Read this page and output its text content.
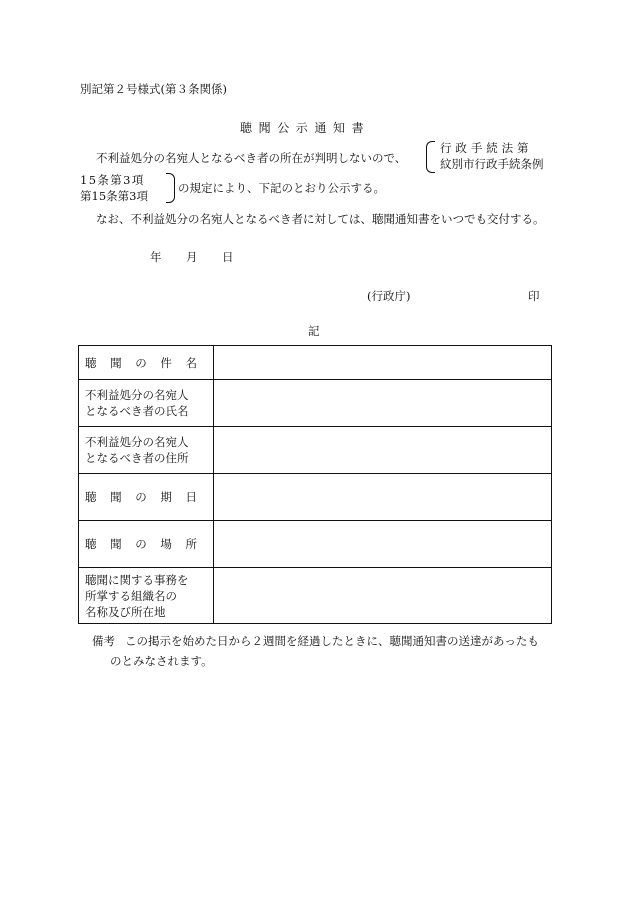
別記第２号様式(第３条関係)
聴聞公示通知書
不利益処分の名宛人となるべき者の所在が判明しないので、
行政手続法第
紋別市行政手続条例
15条第3項
第15条第3項
の規定により、下記のとおり公示する。
なお、不利益処分の名宛人となるべき者に対しては、聴聞通知書をいつでも交付する。
年 月 日
(行政庁)	印
記
聴 聞 の 件 名	

不利益処分の名宛人
となるべき者の氏名	

不利益処分の名宛人
となるべき者の住所	

聴 聞 の 期 日	

聴 聞 の 場 所	

聴聞に関する事務を
所掌する組織名の
名称及び所在地	

備考 この掲示を始めた日から２週間を経過したときに、聴聞通知書の送達があったも
のとみなされます。
